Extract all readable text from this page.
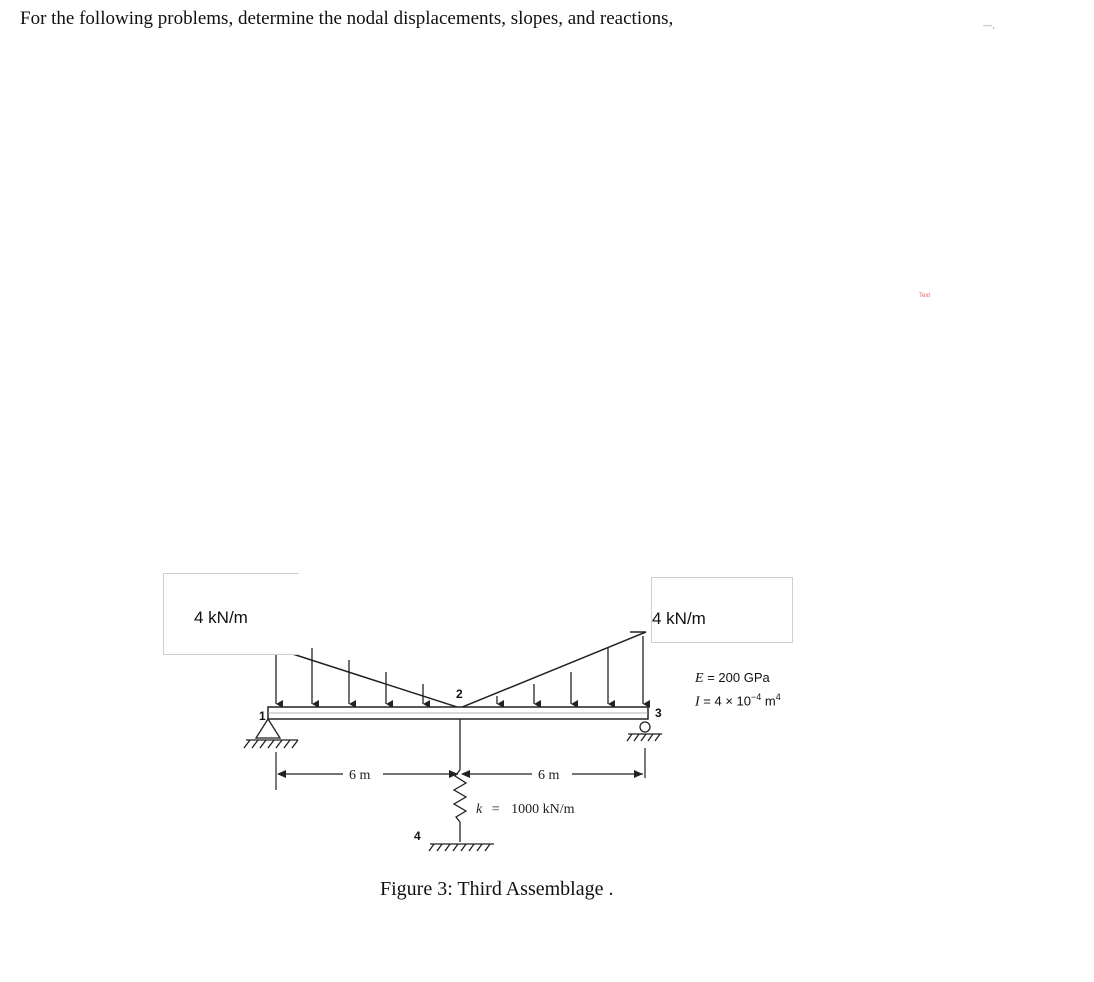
For the following problems, determine the nodal displacements, slopes, and reactions,	—,
Text
6 m	6 m
1
2
3
4
k = 1000 kN/m
4 kN/m	4 kN/m
E = 200 GPa
$I = 4 \times 10^{-4}$ $m^4$
Figure 3: Third Assemblage .
